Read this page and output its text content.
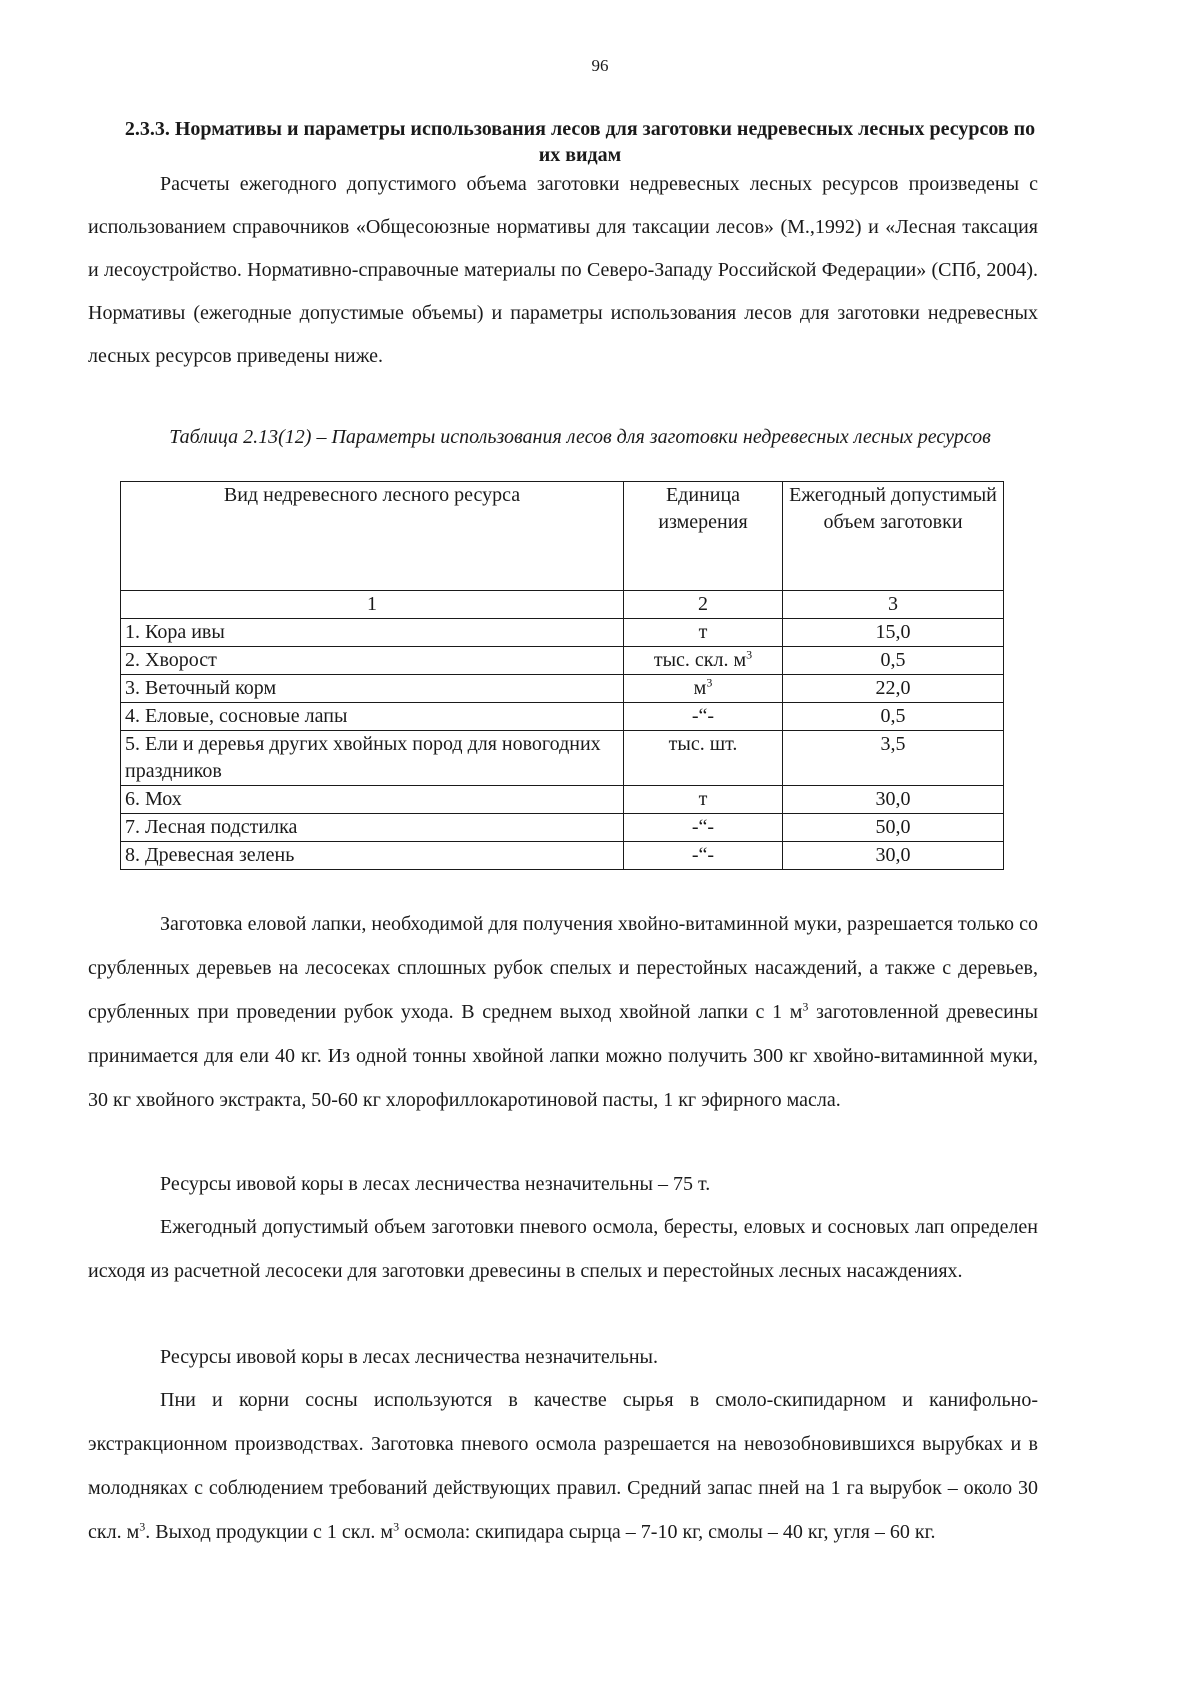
96
2.3.3. Нормативы и параметры использования лесов для заготовки недревесных лесных ресурсов по их видам

Расчеты ежегодного допустимого объема заготовки недревесных лесных ресурсов произведены с использованием справочников «Общесоюзные нормативы для таксации лесов» (М.,1992) и «Лесная таксация и лесоустройство. Нормативно-справочные материалы по Северо-Западу Российской Федерации» (СПб, 2004). Нормативы (ежегодные допустимые объемы) и параметры использования лесов для заготовки недревесных лесных ресурсов приведены ниже.

Таблица 2.13(12) – Параметры использования лесов для заготовки недревесных лесных ресурсов
Вид недревесного лесного ресурса	Единица измерения	Ежегодный допустимый объем заготовки
1	2	3
1. Кора ивы	т	15,0
2. Хворост	тыс. скл. $м^3$	0,5
3. Веточный корм	$м^3$	22,0
4. Еловые, сосновые лапы	-“-	0,5
5. Ели и деревья других хвойных пород для новогодних праздников	тыс. шт.	3,5
6. Мох	т	30,0
7. Лесная подстилка	-“-	50,0
8. Древесная зелень	-“-	30,0

Заготовка еловой лапки, необходимой для получения хвойно-витаминной муки, разрешается только со срубленных деревьев на лесосеках сплошных рубок спелых и перестойных насаждений, а также с деревьев, срубленных при проведении рубок ухода. В среднем выход хвойной лапки с 1 $м^3$ заготовленной древесины принимается для ели 40 кг. Из одной тонны хвойной лапки можно получить 300 кг хвойно-витаминной муки, 30 кг хвойного экстракта, 50-60 кг хлорофиллокаротиновой пасты, 1 кг эфирного масла.

Ресурсы ивовой коры в лесах лесничества незначительны – 75 т.

Ежегодный допустимый объем заготовки пневого осмола, бересты, еловых и сосновых лап определен исходя из расчетной лесосеки для заготовки древесины в спелых и перестойных лесных насаждениях.

Ресурсы ивовой коры в лесах лесничества незначительны.

Пни и корни сосны используются в качестве сырья в смоло-скипидарном и канифольно-экстракционном производствах. Заготовка пневого осмола разрешается на невозобновившихся вырубках и в молодняках с соблюдением требований действующих правил. Средний запас пней на 1 га вырубок – около 30 скл. $м^3$. Выход продукции с 1 скл. $м^3$ осмола: скипидара сырца – 7-10 кг, смолы – 40 кг, угля – 60 кг.
